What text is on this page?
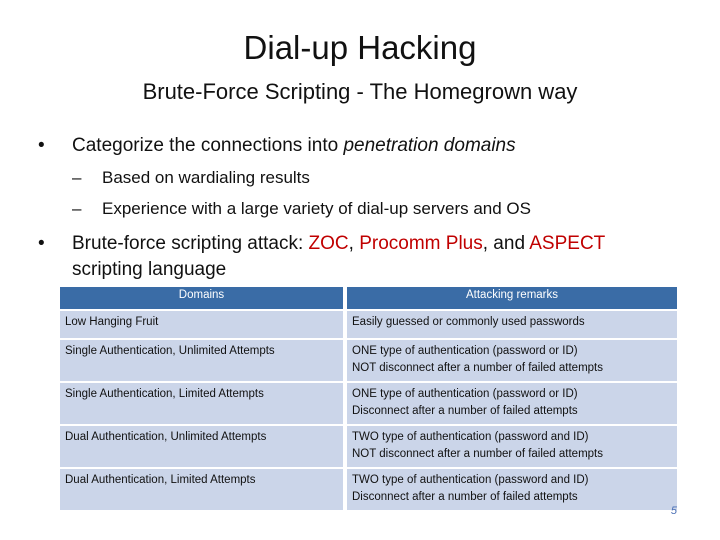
Dial-up Hacking
Brute-Force Scripting - The Homegrown way
• Categorize the connections into penetration domains
– Based on wardialing results
– Experience with a large variety of dial-up servers and OS
• Brute-force scripting attack: ZOC, Procomm Plus, and ASPECT
scripting language
Domains		Attacking remarks
Low Hanging Fruit		Easily guessed or commonly used passwords
Single Authentication, Unlimited Attempts		ONE type of authentication (password or ID)
NOT disconnect after a number of failed attempts
Single Authentication, Limited Attempts		ONE type of authentication (password or ID)
Disconnect after a number of failed attempts
Dual Authentication, Unlimited Attempts		TWO type of authentication (password and ID)
NOT disconnect after a number of failed attempts
Dual Authentication, Limited Attempts		TWO type of authentication (password and ID)
Disconnect after a number of failed attempts
5
